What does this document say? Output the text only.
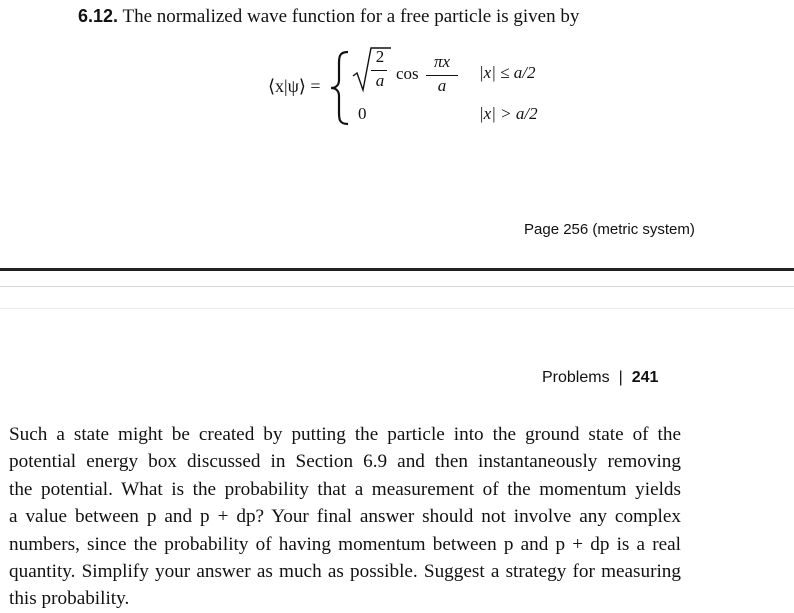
6.12. The normalized wave function for a free particle is given by
⟨x|ψ⟩ =
2
a cos
πx
a
|x| ≤ a/2
0	|x| > a/2
Page 256 (metric system)
Problems | 241

Such a state might be created by putting the particle into the ground state of the
potential energy box discussed in Section 6.9 and then instantaneously removing
the potential. What is the probability that a measurement of the momentum yields
a value between p and p + dp? Your final answer should not involve any complex
numbers, since the probability of having momentum between p and p + dp is a real
quantity. Simplify your answer as much as possible. Suggest a strategy for measuring
this probability.
